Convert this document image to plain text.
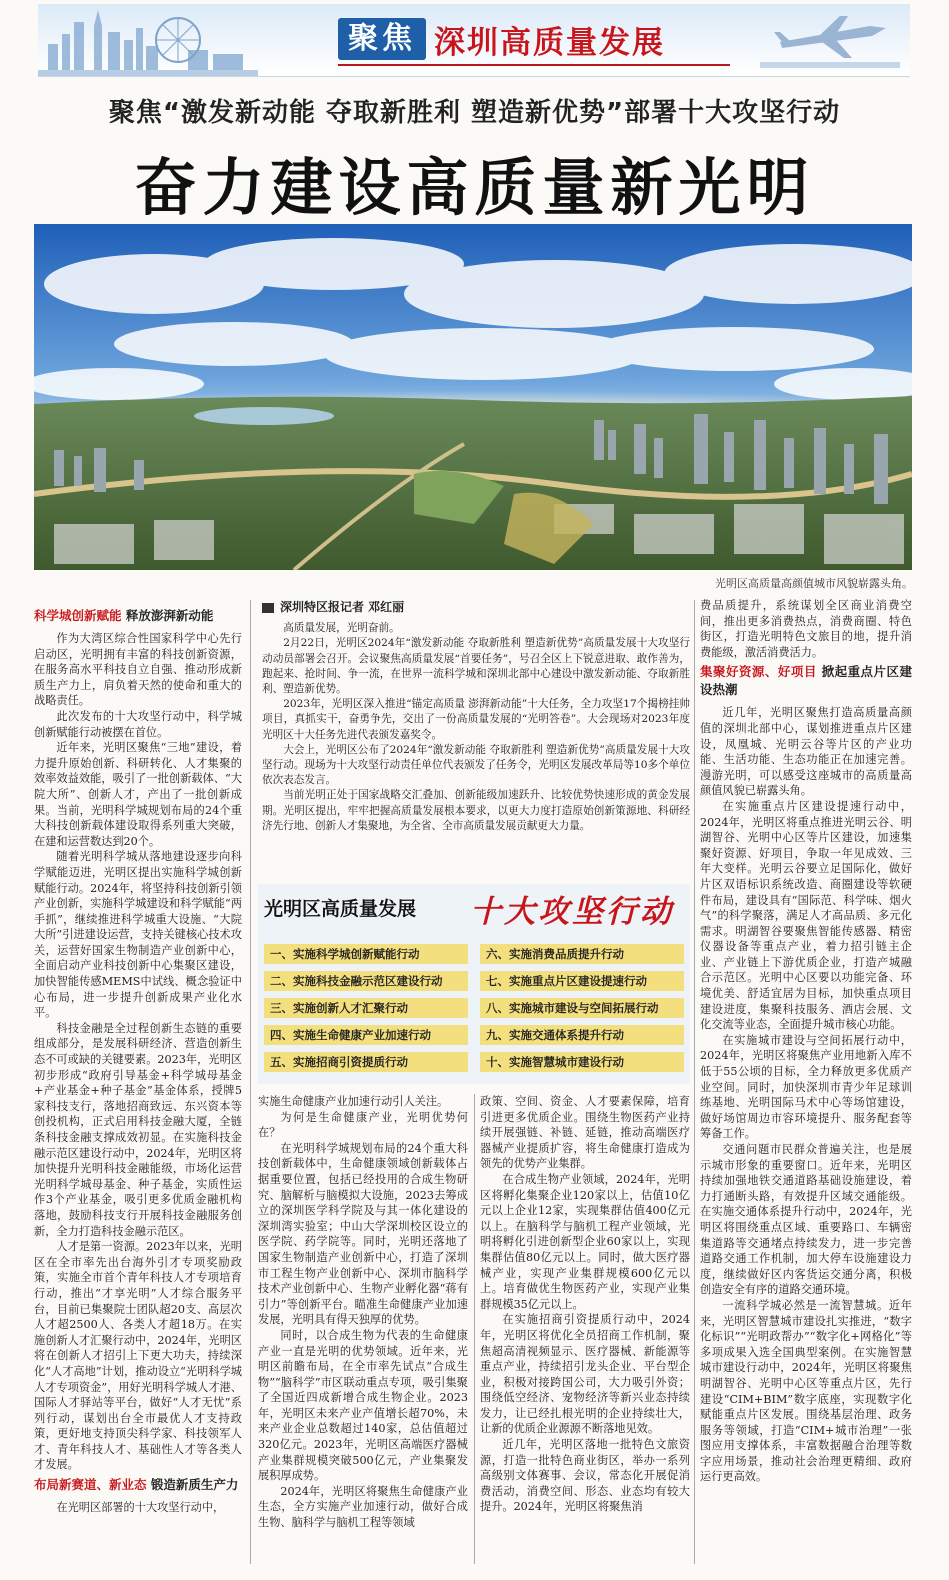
聚焦 深圳高质量发展
聚焦“激发新动能 夺取新胜利 塑造新优势”部署十大攻坚行动
奋力建设高质量新光明
光明区高质量高颜值城市风貌崭露头角。
科学城创新赋能 释放澎湃新动能

作为大湾区综合性国家科学中心先行启动区，光明拥有丰富的科技创新资源，在服务高水平科技自立自强、推动形成新质生产力上，肩负着天然的使命和重大的战略责任。

此次发布的十大攻坚行动中，科学城创新赋能行动被摆在首位。

近年来，光明区聚焦“三地”建设，着力提升原始创新、科研转化、人才集聚的效率效益效能，吸引了一批创新载体、“大院大所”、创新人才，产出了一批创新成果。当前，光明科学城规划布局的24个重大科技创新载体建设取得系列重大突破，在建和运营数达到20个。

随着光明科学城从落地建设逐步向科学赋能迈进，光明区提出实施科学城创新赋能行动。2024年，将坚持科技创新引领产业创新，实施科学城建设和科学赋能“两手抓”，继续推进科学城重大设施、“大院大所”引进建设运营，支持关键核心技术攻关，运营好国家生物制造产业创新中心，全面启动产业科技创新中心集聚区建设，加快智能传感MEMS中试线、概念验证中心布局，进一步提升创新成果产业化水平。

科技金融是全过程创新生态链的重要组成部分，是发展科研经济、营造创新生态不可或缺的关键要素。2023年，光明区初步形成“政府引导基金+科学城母基金+产业基金+种子基金”基金体系，授牌5家科技支行，落地招商致远、东兴资本等创投机构，正式启用科技金融大厦，全链条科技金融支撑成效初显。在实施科技金融示范区建设行动中，2024年，光明区将加快提升光明科技金融能级，市场化运营光明科学城母基金、种子基金，实质性运作3个产业基金，吸引更多优质金融机构落地，鼓励科技支行开展科技金融服务创新，全力打造科技金融示范区。

人才是第一资源。2023年以来，光明区在全市率先出台海外引才专项奖励政策，实施全市首个青年科技人才专项培育行动，推出“才享光明”人才综合服务平台，目前已集聚院士团队超20支、高层次人才超2500人、各类人才超18万。在实施创新人才汇聚行动中，2024年，光明区将在创新人才招引上下更大功夫，持续深化“人才高地”计划，推动设立“光明科学城人才专项资金”，用好光明科学城人才港、国际人才驿站等平台，做好“人才无忧”系列行动，谋划出台全市最优人才支持政策，更好地支持顶尖科学家、科技领军人才、青年科技人才、基础性人才等各类人才发展。

布局新赛道、新业态 锻造新质生产力

在光明区部署的十大攻坚行动中，

深圳特区报记者 邓红丽

高质量发展，光明奋前。

2月22日，光明区2024年“激发新动能 夺取新胜利 塑造新优势”高质量发展十大攻坚行动动员部署会召开。会议聚焦高质量发展“首要任务”，号召全区上下锐意进取、敢作善为，跑起来、抢时间、争一流，在世界一流科学城和深圳北部中心建设中激发新动能、夺取新胜利、塑造新优势。

2023年，光明区深入推进“锚定高质量 澎湃新动能”十大任务，全力攻坚17个揭榜挂帅项目，真抓实干，奋勇争先，交出了一份高质量发展的“光明答卷”。大会现场对2023年度光明区十大任务先进代表颁发嘉奖令。

大会上，光明区公布了2024年“激发新动能 夺取新胜利 塑造新优势”高质量发展十大攻坚行动。现场为十大攻坚行动责任单位代表颁发了任务令，光明区发展改革局等10多个单位依次表态发言。

当前光明正处于国家战略交汇叠加、创新能级加速跃升、比较优势快速形成的黄金发展期。光明区提出，牢牢把握高质量发展根本要求，以更大力度打造原始创新策源地、科研经济先行地、创新人才集聚地，为全省、全市高质量发展贡献更大力量。

光明区高质量发展 十大攻坚行动
一、实施科学城创新赋能行动	六、实施消费品质提升行动
二、实施科技金融示范区建设行动	七、实施重点片区建设提速行动
三、实施创新人才汇聚行动	八、实施城市建设与空间拓展行动
四、实施生命健康产业加速行动	九、实施交通体系提升行动
五、实施招商引资提质行动	十、实施智慧城市建设行动

实施生命健康产业加速行动引人关注。

为何是生命健康产业，光明优势何在？

在光明科学城规划布局的24个重大科技创新载体中，生命健康领域创新载体占据重要位置，包括已经投用的合成生物研究、脑解析与脑模拟大设施，2023去筹成立的深圳医学科学院及与其一体化建设的深圳湾实验室；中山大学深圳校区设立的医学院、药学院等。同时，光明还落地了国家生物制造产业创新中心，打造了深圳市工程生物产业创新中心、深圳市脑科学技术产业创新中心、生物产业孵化器“蒋有引力”等创新平台。瞄准生命健康产业加速发展，光明具有得天独厚的优势。

同时，以合成生物为代表的生命健康产业一直是光明的优势领域。近年来，光明区前瞻布局，在全市率先试点“合成生物”“脑科学”市区联动重点专项，吸引集聚了全国近四成新增合成生物企业。2023年，光明区未来产业产值增长超70%，未来产业企业总数超过140家，总估值超过320亿元。2023年，光明区高端医疗器械产业集群规模突破500亿元，产业集聚发展积厚成势。

2024年，光明区将聚焦生命健康产业生态，全方实施产业加速行动，做好合成生物、脑科学与脑机工程等领域

政策、空间、资金、人才要素保障，培育引进更多优质企业。围绕生物医药产业持续开展强链、补链、延链，推动高端医疗器械产业提质扩容，将生命健康打造成为领先的优势产业集群。

在合成生物产业领域，2024年，光明区将孵化集聚企业120家以上，估值10亿元以上企业12家，实现集群估值400亿元以上。在脑科学与脑机工程产业领域，光明将孵化引进创新型企业60家以上，实现集群估值80亿元以上。同时，做大医疗器械产业，实现产业集群规模600亿元以上。培育做优生物医药产业，实现产业集群规模35亿元以上。

在实施招商引资提质行动中，2024年，光明区将优化全员招商工作机制，聚焦超高清视频显示、医疗器械、新能源等重点产业，持续招引龙头企业、平台型企业，积极对接跨国公司，大力吸引外资；围绕低空经济、宠物经济等新兴业态持续发力，让已经扎根光明的企业持续壮大，让新的优质企业源源不断落地见效。

近几年，光明区落地一批特色文旅资源，打造一批特色商业街区，举办一系列高级别文体赛事、会议，常态化开展促消费活动，消费空间、形态、业态均有较大提升。2024年，光明区将聚焦消

费品质提升，系统谋划全区商业消费空间，推出更多消费热点，消费商圈、特色街区，打造光明特色文旅目的地，提升消费能级，激活消费活力。

集聚好资源、好项目 掀起重点片区建设热潮

近几年，光明区聚焦打造高质量高颜值的深圳北部中心，谋划推进重点片区建设，凤凰城、光明云谷等片区的产业功能、生活功能、生态功能正在加速完善。漫游光明，可以感受这座城市的高质量高颜值风貌已崭露头角。

在实施重点片区建设提速行动中，2024年，光明区将重点推进光明云谷、明湖智谷、光明中心区等片区建设，加速集聚好资源、好项目，争取一年见成效、三年大变样。光明云谷要立足国际化，做好片区双语标识系统改造、商圈建设等软硬件布局，建设具有“国际范、科学味、烟火气”的科学聚落，满足人才高品质、多元化需求。明湖智谷要聚焦智能传感器、精密仪器设备等重点产业，着力招引链主企业、产业链上下游优质企业，打造产城融合示范区。光明中心区要以功能完备、环境优美、舒适宜居为目标，加快重点项目建设进度，集聚科技服务、酒店会展、文化交流等业态，全面提升城市核心功能。

在实施城市建设与空间拓展行动中，2024年，光明区将聚焦产业用地新入库不低于55公顷的目标，全力释放更多优质产业空间。同时，加快深圳市青少年足球训练基地、光明国际马术中心等场馆建设，做好场馆周边市容环境提升、服务配套等筹备工作。

交通问题市民群众普遍关注，也是展示城市形象的重要窗口。近年来，光明区持续加强地铁交通道路基础设施建设，着力打通断头路，有效提升区域交通能级。在实施交通体系提升行动中，2024年，光明区将围绕重点区域、重要路口、车辆密集道路等交通堵点持续发力，进一步完善道路交通工作机制，加大停车设施建设力度，继续做好区内客货运交通分离，积极创造安全有序的道路交通环境。

一流科学城必然是一流智慧城。近年来，光明区智慧城市建设扎实推进，“数字化标识”“光明政帮办”“数字化+网格化”等多项成果入选全国典型案例。在实施智慧城市建设行动中，2024年，光明区将聚焦明湖智谷、光明中心区等重点片区，先行建设“CIM+BIM”数字底座，实现数字化赋能重点片区发展。围绕基层治理、政务服务等领域，打造“CIM+城市治理”一张图应用支撑体系，丰富数据融合治理等数字应用场景，推动社会治理更精细、政府运行更高效。
